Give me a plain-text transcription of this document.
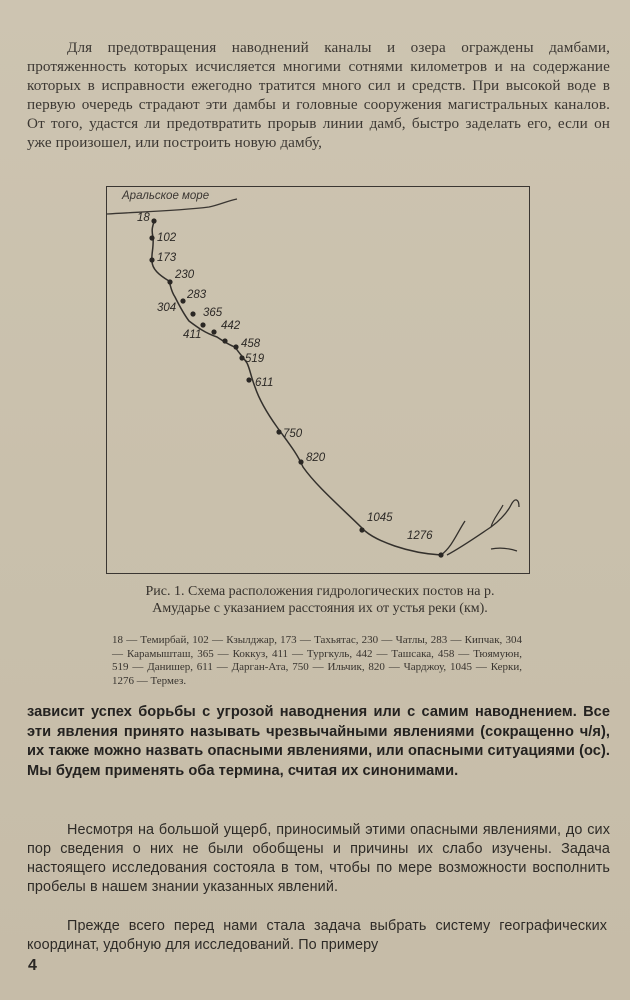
Для предотвращения наводнений каналы и озера ограждены дамбами, протяженность которых исчисляется многими сотнями километров и на содержание которых в исправности ежегодно тратится много сил и средств. При высокой воде в первую очередь страдают эти дамбы и головные сооружения магистральных каналов. От того, удастся ли предотвратить прорыв линии дамб, быстро заделать его, если он уже произошел, или построить новую дамбу,

Аральское море
18
102
173
230
283
304 365
411
442
458
519
611
750
820
1045
1276
Рис. 1. Схема расположения гидрологических постов на р. Амударье с указанием расстояния их от устья реки (км).
18 — Темирбай, 102 — Кзылджар, 173 — Тахьятас, 230 — Чатлы, 283 — Кипчак, 304 — Карамышташ, 365 — Коккуз, 411 — Тургкуль, 442 — Ташсака, 458 — Тюямуюн, 519 — Данишер, 611 — Дарган-Ата, 750 — Ильчик, 820 — Чарджоу, 1045 — Керки, 1276 — Термез.

зависит успех борьбы с угрозой наводнения или с самим наводнением. Все эти явления принято называть чрезвычайными явлениями (сокращенно ч/я), их также можно назвать опасными явлениями, или опасными ситуациями (ос). Мы будем применять оба термина, считая их синонимами.

Несмотря на большой ущерб, приносимый этими опасными явлениями, до сих пор сведения о них не были обобщены и причины их слабо изучены. Задача настоящего исследования состояла в том, чтобы по мере возможности восполнить пробелы в нашем знании указанных явлений.

Прежде всего перед нами стала задача выбрать систему географических координат, удобную для исследований. По примеру

4
